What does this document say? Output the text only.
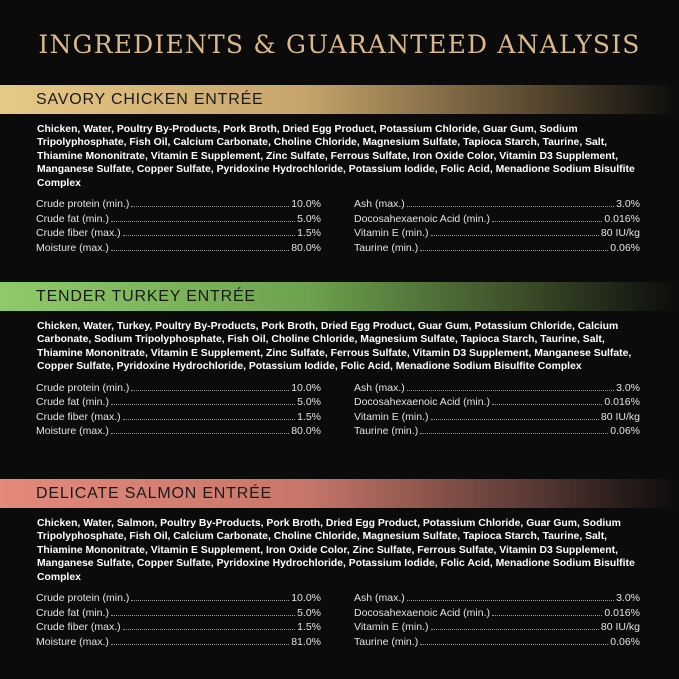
INGREDIENTS & GUARANTEED ANALYSIS
SAVORY CHICKEN ENTRÉE
Chicken, Water, Poultry By-Products, Pork Broth, Dried Egg Product, Potassium Chloride, Guar Gum, Sodium Tripolyphosphate, Fish Oil, Calcium Carbonate, Choline Chloride, Magnesium Sulfate, Tapioca Starch, Taurine, Salt, Thiamine Mononitrate, Vitamin E Supplement, Zinc Sulfate, Ferrous Sulfate, Iron Oxide Color, Vitamin D3 Supplement, Manganese Sulfate, Copper Sulfate, Pyridoxine Hydrochloride, Potassium Iodide, Folic Acid, Menadione Sodium Bisulfite Complex
Crude protein (min.)	10.0%
Crude fat (min.)	5.0%
Crude fiber (max.)	1.5%
Moisture (max.)	80.0%
Ash (max.)	3.0%
Docosahexaenoic Acid (min.)	0.016%
Vitamin E (min.)	80 IU/kg
Taurine (min.)	0.06%
TENDER TURKEY ENTRÉE
Chicken, Water, Turkey, Poultry By-Products, Pork Broth, Dried Egg Product, Guar Gum, Potassium Chloride, Calcium Carbonate, Sodium Tripolyphosphate, Fish Oil, Choline Chloride, Magnesium Sulfate, Tapioca Starch, Taurine, Salt, Thiamine Mononitrate, Vitamin E Supplement, Zinc Sulfate, Ferrous Sulfate, Vitamin D3 Supplement, Manganese Sulfate, Copper Sulfate, Pyridoxine Hydrochloride, Potassium Iodide, Folic Acid, Menadione Sodium Bisulfite Complex
Crude protein (min.)	10.0%
Crude fat (min.)	5.0%
Crude fiber (max.)	1.5%
Moisture (max.)	80.0%
Ash (max.)	3.0%
Docosahexaenoic Acid (min.)	0.016%
Vitamin E (min.)	80 IU/kg
Taurine (min.)	0.06%
DELICATE SALMON ENTRÉE
Chicken, Water, Salmon, Poultry By-Products, Pork Broth, Dried Egg Product, Potassium Chloride, Guar Gum, Sodium Tripolyphosphate, Fish Oil, Calcium Carbonate, Choline Chloride, Magnesium Sulfate, Tapioca Starch, Taurine, Salt, Thiamine Mononitrate, Vitamin E Supplement, Iron Oxide Color, Zinc Sulfate, Ferrous Sulfate, Vitamin D3 Supplement, Manganese Sulfate, Copper Sulfate, Pyridoxine Hydrochloride, Potassium Iodide, Folic Acid, Menadione Sodium Bisulfite Complex
Crude protein (min.)	10.0%
Crude fat (min.)	5.0%
Crude fiber (max.)	1.5%
Moisture (max.)	81.0%
Ash (max.)	3.0%
Docosahexaenoic Acid (min.)	0.016%
Vitamin E (min.)	80 IU/kg
Taurine (min.)	0.06%
